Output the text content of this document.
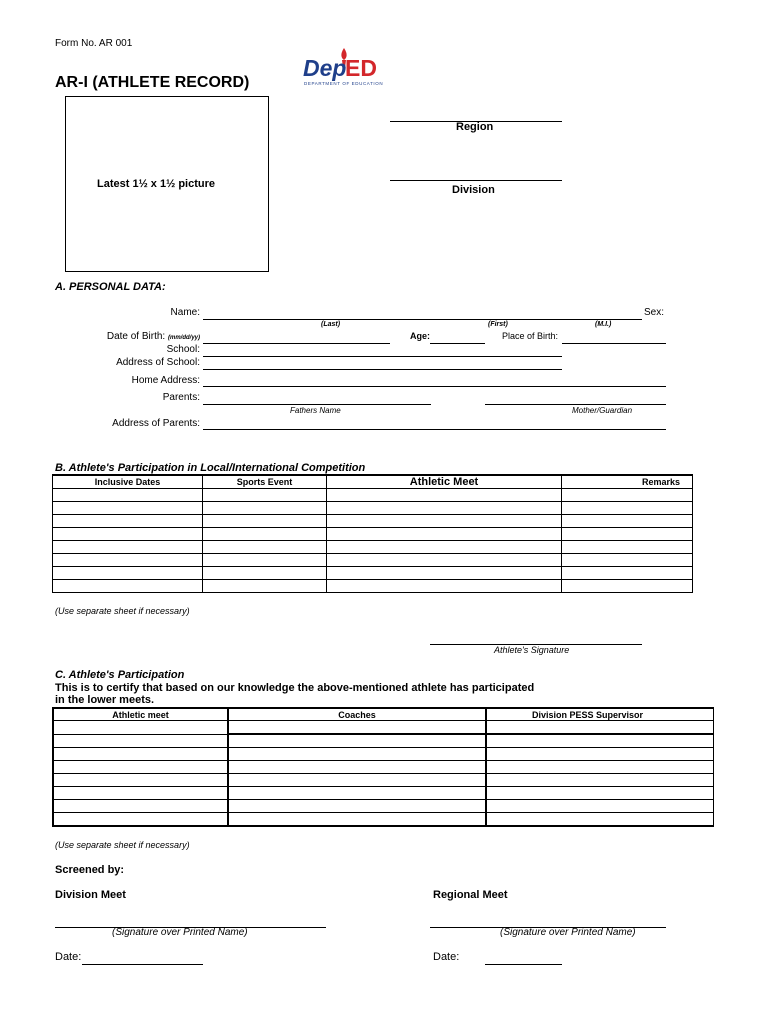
Form No. AR 001
AR-I (ATHLETE RECORD)
Dep
ED
DEPARTMENT OF EDUCATION
Latest 1½ x 1½ picture
Region
Division
A. PERSONAL DATA:
Name:	Sex:
(Last)	(First)	(M.I.)
Date of Birth: (mm/dd/yy)	Age:	Place of Birth:
School:
Address of School:
Home Address:
Parents:
Fathers Name	Mother/Guardian
Address of Parents:
B. Athlete's Participation in Local/International Competition
Inclusive Dates	Sports Event	Athletic Meet	Remarks

(Use separate sheet if necessary)
Athlete's Signature
C. Athlete's Participation
This is to certify that based on our knowledge the above-mentioned athlete has participated
in the lower meets.
Athletic meet	Coaches	Division PESS Supervisor

(Use separate sheet if necessary)
Screened by:
Division Meet	Regional Meet
(Signature over Printed Name)	(Signature over Printed Name)
Date:	Date:
